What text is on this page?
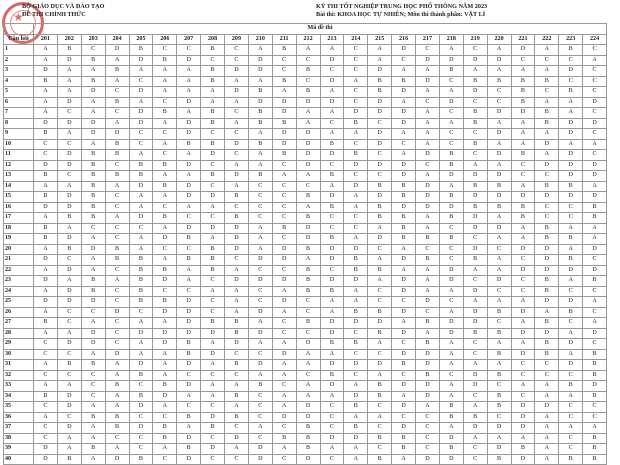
★
BỘ GIÁO DỤC VÀ ĐÀO TẠO
ĐỀ THI CHÍNH THỨC
KỲ THI TỐT NGHIỆP TRUNG HỌC PHỔ THÔNG NĂM 2023
Bài thi: KHOA HỌC TỰ NHIÊN; Môn thi thành phần: VẬT LÍ
	Mã đề thi																							
Câu hỏi	201	202	203	204	205	206	207	208	209	210	211	212	213	214	215	216	217	218	219	220	221	222	223	224
1	A	B	C	D	B	C	C	B	C	A	B	A	A	C	A	D	C	A	C	A	D	A	B	C
2	A	D	B	A	D	B	D	C	C	D	C	C	D	C	A	C	D	D	D	D	C	C	C	A
3	D	A	A	B	A	A	A	B	D	D	C	B	C	C	D	A	A	B	A	A	A	A	D	C
4	B	A	B	A	C	A	A	B	A	A	B	C	D	A	B	B	D	C	B	B	B	B	C	C
5	A	A	D	C	D	A	A	A	D	B	A	B	A	C	B	D	A	A	D	C	B	C	B	C
6	A	D	A	B	A	C	D	A	A	D	D	D	D	C	D	A	C	D	C	C	B	A	A	D
7	A	C	A	C	D	B	A	B	C	B	D	A	A	D	D	D	A	C	B	D	D	B	A	C
8	D	D	D	A	D	A	D	B	A	B	B	A	C	B	C	D	A	A	B	A	A	B	D	D
9	B	A	D	D	C	C	D	C	C	A	D	D	A	A	D	A	A	C	C	D	A	A	D	C
10	C	C	A	B	C	A	B	B	D	B	D	D	B	C	D	C	A	C	B	A	A	D	A	A
11	C	D	B	B	A	C	A	D	C	A	B	D	D	B	C	A	D	B	C	D	B	A	D	C
12	D	D	B	C	B	B	D	C	A	A	C	D	C	D	D	D	C	B	A	A	C	D	D	D
13	B	C	B	B	B	A	A	B	D	B	A	A	B	C	C	D	A	D	D	D	C	C	D	D
14	A	A	B	A	D	B	D	C	A	C	C	C	A	D	B	B	D	A	B	B	A	B	B	A
15	B	D	B	C	A	A	D	D	B	C	C	B	D	A	D	B	D	B	D	D	D	D	D	D
16	D	D	B	C	A	C	A	A	C	C	C	A	B	A	B	D	D	D	B	B	B	C	C	B
17	A	B	B	A	D	B	C	C	B	C	C	B	C	C	B	B	A	B	D	A	B	C	C	B
18	B	A	C	C	C	A	D	D	D	A	B	D	C	C	A	B	A	C	D	D	A	B	A	A
19	B	D	A	C	A	D	B	A	D	A	C	D	B	A	D	B	B	B	C	A	A	B	B	A
20	A	B	D	B	A	C	C	B	D	A	D	B	D	D	C	A	C	C	D	C	D	D	A	D
21	D	C	A	B	B	A	B	B	C	D	D	A	D	B	A	D	B	C	B	A	C	D	B	C
22	A	D	A	C	B	B	A	B	A	C	C	B	C	B	B	A	A	D	A	A	D	D	D	D
23	D	A	B	A	B	D	A	C	D	D	D	B	D	D	A	D	A	D	C	D	C	B	A	B
24	A	D	B	C	B	C	C	A	A	C	A	B	B	A	C	D	A	A	D	C	C	B	C	C
25	D	D	D	C	B	B	D	C	A	C	D	C	A	A	C	C	D	C	A	A	A	D	D	A
26	A	C	C	D	C	D	D	C	A	D	A	C	A	B	B	D	C	A	D	B	D	A	B	C
27	B	C	A	C	A	A	D	B	B	A	C	B	D	D	D	A	B	D	D	C	A	B	C	A
28	A	A	D	C	D	D	D	D	B	D	C	C	D	C	B	D	A	D	B	B	D	D	A	D
29	C	D	D	C	A	D	B	A	D	A	A	D	B	B	A	C	B	A	C	A	A	B	D	C
30	C	C	A	D	A	A	B	D	C	C	D	A	A	C	C	D	D	A	C	B	D	B	A	B
31	A	B	B	A	D	A	D	A	B	D	A	A	D	D	D	B	D	A	A	A	C	C	D	B
32	C	C	C	A	B	A	C	C	C	A	A	C	B	C	A	C	B	C	D	B	C	C	C	B
33	A	A	C	B	C	B	D	A	A	B	C	A	D	A	B	D	D	A	D	C	A	A	B	D
34	B	D	C	A	B	D	A	A	B	C	A	A	A	D	B	A	D	A	C	B	C	A	A	B
35	C	D	A	A	D	A	C	C	A	C	A	D	C	B	C	D	A	B	A	B	D	D	C	C
36	A	C	B	B	C	C	B	D	B	C	D	D	C	A	A	C	C	B	B	C	D	A	C	C
37	C	D	A	B	D	B	A	B	C	A	C	B	C	B	C	D	C	A	D	D	D	A	A	A
38	C	A	A	C	C	B	D	C	D	C	B	B	D	D	B	B	C	D	A	A	A	A	C	B
39	D	A	B	A	C	A	B	D	A	D	A	B	A	A	C	B	C	B	C	D	B	A	C	B
40	D	B	A	D	B	C	D	C	C	D	C	D	C	A	B	A	D	D	C	B	D	A	B	B
